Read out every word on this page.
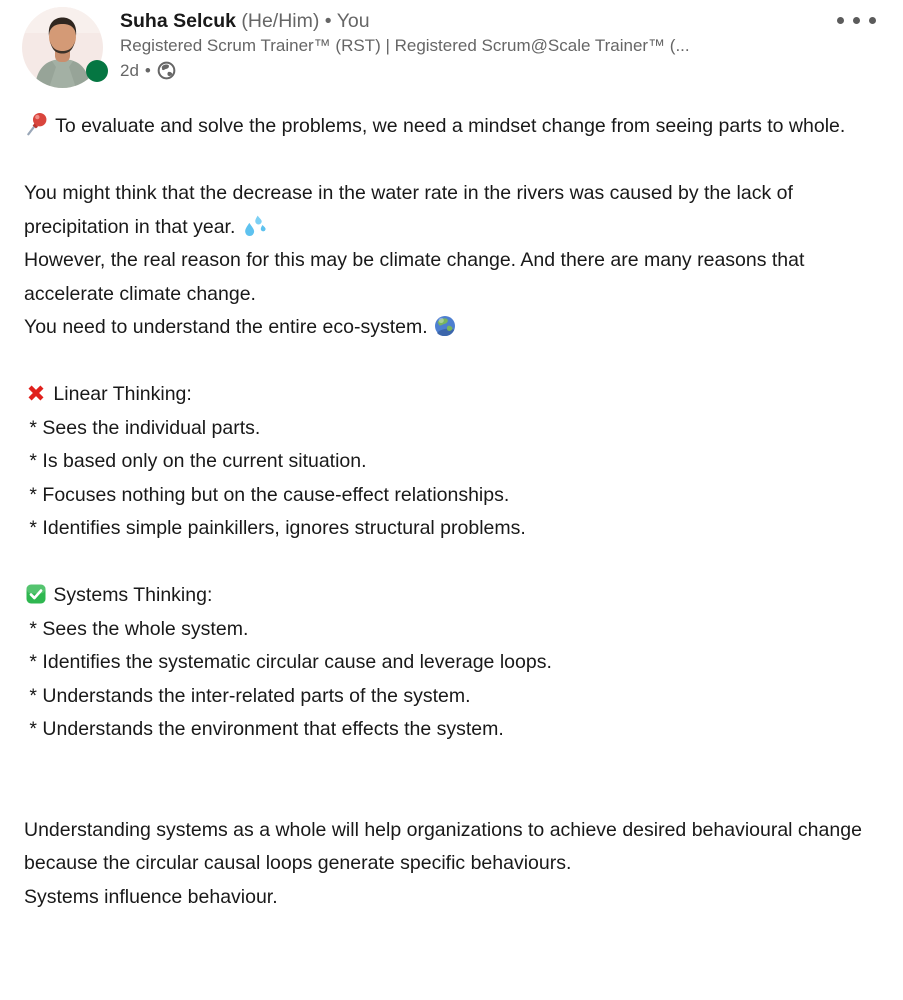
Suha Selcuk (He/Him) • You
Registered Scrum Trainer™ (RST) | Registered Scrum@Scale Trainer™ (...
2d •
To evaluate and solve the problems, we need a mindset change from seeing parts to whole.
You might think that the decrease in the water rate in the rivers was caused by the lack of precipitation in that year.
However, the real reason for this may be climate change. And there are many reasons that accelerate climate change.
You need to understand the entire eco-system.
Linear Thinking:
* Sees the individual parts.
* Is based only on the current situation.
* Focuses nothing but on the cause-effect relationships.
* Identifies simple painkillers, ignores structural problems.
Systems Thinking:
* Sees the whole system.
* Identifies the systematic circular cause and leverage loops.
* Understands the inter-related parts of the system.
* Understands the environment that effects the system.
Understanding systems as a whole will help organizations to achieve desired behavioural change because the circular causal loops generate specific behaviours.
Systems influence behaviour.
